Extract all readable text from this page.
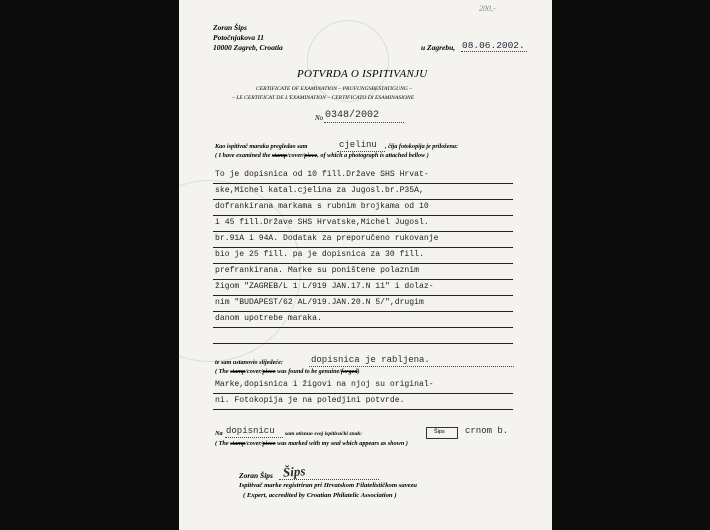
200,-
Zoran Šips
Potočnjakova 11
10000 Zagreb, Croatia	u Zagrebu, 08.06.2002.
POTVRDA O ISPITIVANJU
CERTIFICATE OF EXAMINATION – PRUFUNGSBESTATIGUNG –
– LE CERTIFICAT DE L'EXAMINATION – CERTIFICATO DI ESAMINASIONE
No 0348/2002
Kao ispitivač maraka pregledao sam	cjelinu , čija fotokopija je priložena:
( I have examined the stamp/cover/piece, of which a photograph is attached bellow )
To je dopisnica od 10 fill.Države SHS Hrvat-
ske,Michel katal.cjelina za Jugosl.br.P35A,
dofrankirana markama s rubnim brojkama od 10
i 45 fill.Države SHS Hrvatske,Michel Jugosl.
br.91A i 94A. Dodatak za preporučeno rukovanje
bio je 25 fill. pa je dopisnica za 30 fill.
prefrankirana. Marke su poništene polaznim
žigom "ZAGREB/L 1 L/919 JAN.17.N 11" i dolaz-
nim "BUDAPEST/62 AL/919.JAN.20.N 5/",drugim
danom upotrebe maraka.
te sam ustanovio slijedeće:	dopisnica je rabljena.
( The stamp/cover/piece was found to be genuine/forged)
Marke,dopisnica i žigovi na njoj su original-
ni. Fotokopija je na poledjini potvrde.
Na dopisnicu sam otisnuo svoj ispitivački znak:	Šips crnom b.
( The stamp/cover/piece was marked with my seal which appears as shown )
Zoran Šips Šips
Ispitivač marke registriran pri Hrvatskom Filatelističkom savezu
( Expert, accredited by Croatian Philatelic Association )
